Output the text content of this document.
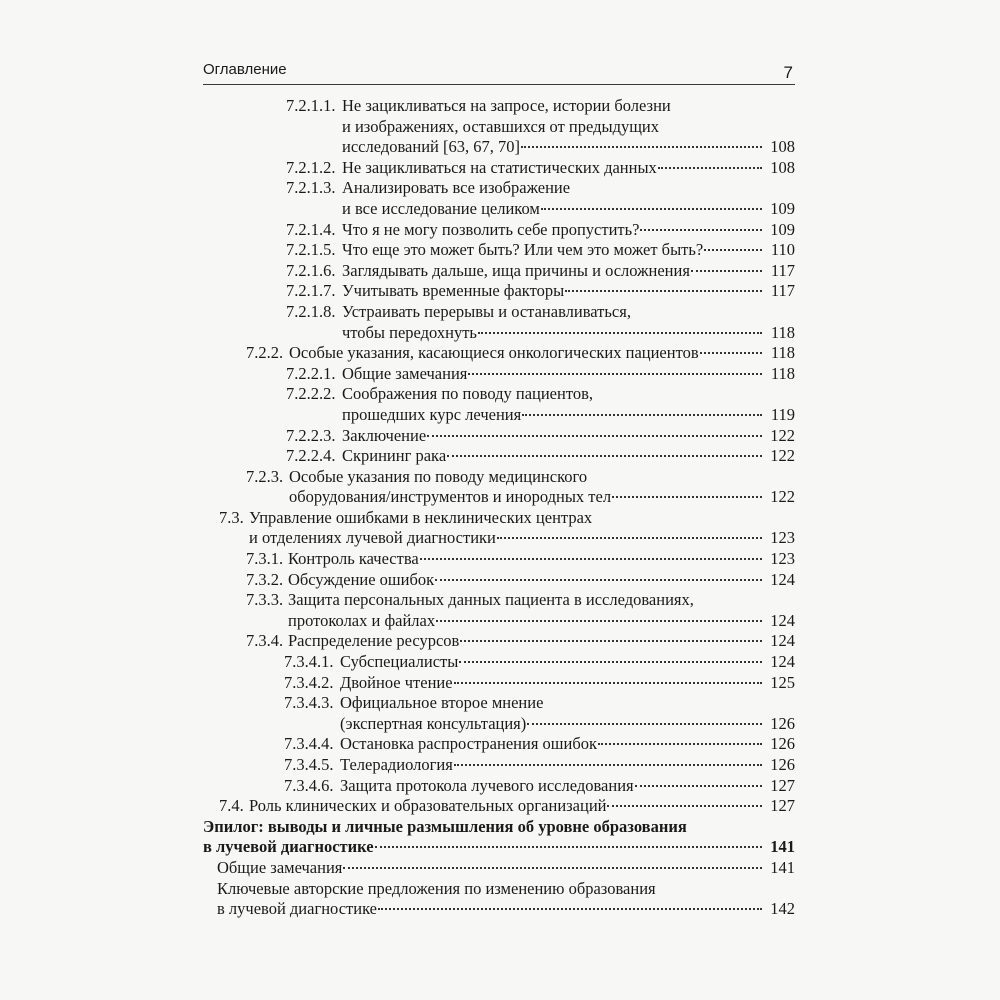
Оглавление	7
7.2.1.1. Не зацикливаться на запросе, истории болезни
и изображениях, оставшихся от предыдущих
исследований [63, 67, 70]	108
7.2.1.2. Не зацикливаться на статистических данных	108
7.2.1.3. Анализировать все изображение
и все исследование целиком	109
7.2.1.4. Что я не могу позволить себе пропустить?	109
7.2.1.5. Что еще это может быть? Или чем это может быть?	110
7.2.1.6. Заглядывать дальше, ища причины и осложнения	117
7.2.1.7. Учитывать временные факторы	117
7.2.1.8. Устраивать перерывы и останавливаться,
чтобы передохнуть	118
7.2.2. Особые указания, касающиеся онкологических пациентов	118
7.2.2.1. Общие замечания	118
7.2.2.2. Соображения по поводу пациентов,
прошедших курс лечения	119
7.2.2.3. Заключение	122
7.2.2.4. Скрининг рака	122
7.2.3. Особые указания по поводу медицинского
оборудования/инструментов и инородных тел	122
7.3. Управление ошибками в неклинических центрах
и отделениях лучевой диагностики	123
7.3.1. Контроль качества	123
7.3.2. Обсуждение ошибок	124
7.3.3. Защита персональных данных пациента в исследованиях,
протоколах и файлах	124
7.3.4. Распределение ресурсов	124
7.3.4.1. Субспециалисты	124
7.3.4.2. Двойное чтение	125
7.3.4.3. Официальное второе мнение
(экспертная консультация)	126
7.3.4.4. Остановка распространения ошибок	126
7.3.4.5. Телерадиология	126
7.3.4.6. Защита протокола лучевого исследования	127
7.4. Роль клинических и образовательных организаций	127
Эпилог: выводы и личные размышления об уровне образования
в лучевой диагностике	141
Общие замечания	141
Ключевые авторские предложения по изменению образования
в лучевой диагностике	142
